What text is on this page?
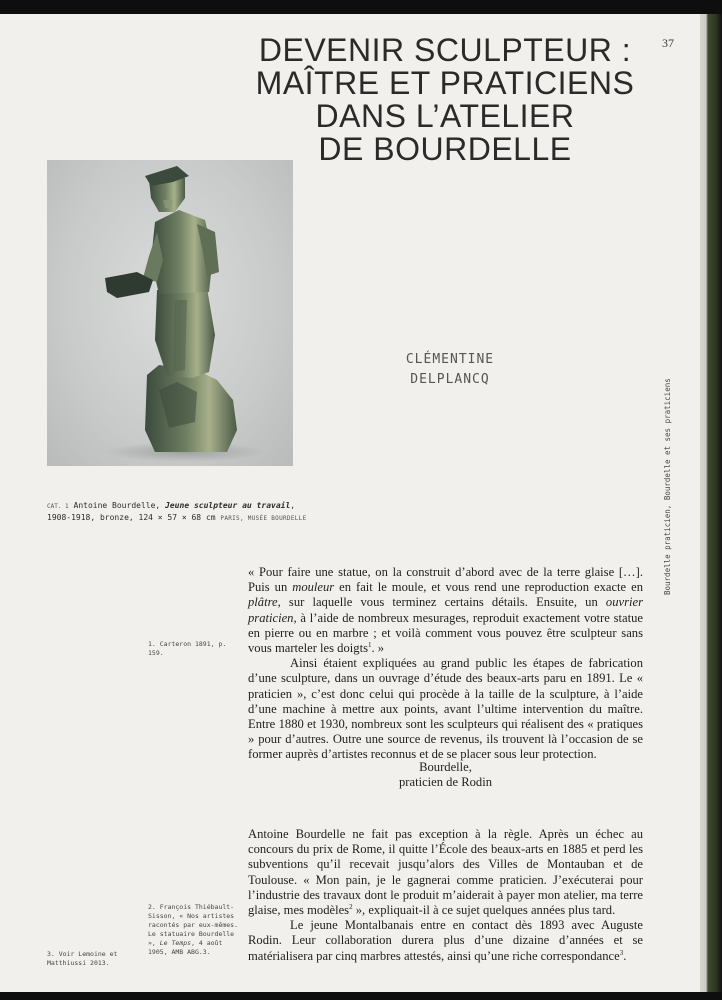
37
DEVENIR SCULPTEUR :
MAÎTRE ET PRATICIENS
DANS L’ATELIER
DE BOURDELLE
CAT. 1 Antoine Bourdelle, Jeune sculpteur au travail, 1908-1918, bronze, 124 × 57 × 68 cm PARIS, MUSÉE BOURDELLE
CLÉMENTINE
DELPLANCQ	Bourdelle praticien, Bourdelle et ses praticiens
1. Carteron 1891, p. 159.
2. François Thiébault-Sisson, « Nos artistes racontés par eux-mêmes. Le statuaire Bourdelle », Le Temps, 4 août 1905, AMB ABG.3.
3. Voir Lemoine et Matthiussi 2013.

« Pour faire une statue, on la construit d’abord avec de la terre glaise […]. Puis un mouleur en fait le moule, et vous rend une reproduction exacte en plâtre, sur laquelle vous terminez certains détails. Ensuite, un ouvrier praticien, à l’aide de nombreux mesurages, reproduit exactement votre statue en pierre ou en marbre ; et voilà comment vous pouvez être sculpteur sans vous marteler les doigts$^1$. »

Ainsi étaient expliquées au grand public les étapes de fabrication d’une sculpture, dans un ouvrage d’étude des beaux-arts paru en 1891. Le « praticien », c’est donc celui qui procède à la taille de la sculpture, à l’aide d’une machine à mettre aux points, avant l’ultime intervention du maître. Entre 1880 et 1930, nombreux sont les sculpteurs qui réalisent des « pratiques » pour d’autres. Outre une source de revenus, ils trouvent là l’occasion de se former auprès d’artistes reconnus et de se placer sous leur protection.

Bourdelle,
praticien de Rodin

Antoine Bourdelle ne fait pas exception à la règle. Après un échec au concours du prix de Rome, il quitte l’École des beaux-arts en 1885 et perd les subventions qu’il recevait jusqu’alors des Villes de Montauban et de Toulouse. « Mon pain, je le gagnerai comme praticien. J’exécuterai pour l’industrie des travaux dont le produit m’aiderait à payer mon atelier, ma terre glaise, mes modèles$^2$ », expliquait-il à ce sujet quelques années plus tard.

Le jeune Montalbanais entre en contact dès 1893 avec Auguste Rodin. Leur collaboration durera plus d’une dizaine d’années et se matérialisera par cinq marbres attestés, ainsi qu’une riche correspondance$^3$.
